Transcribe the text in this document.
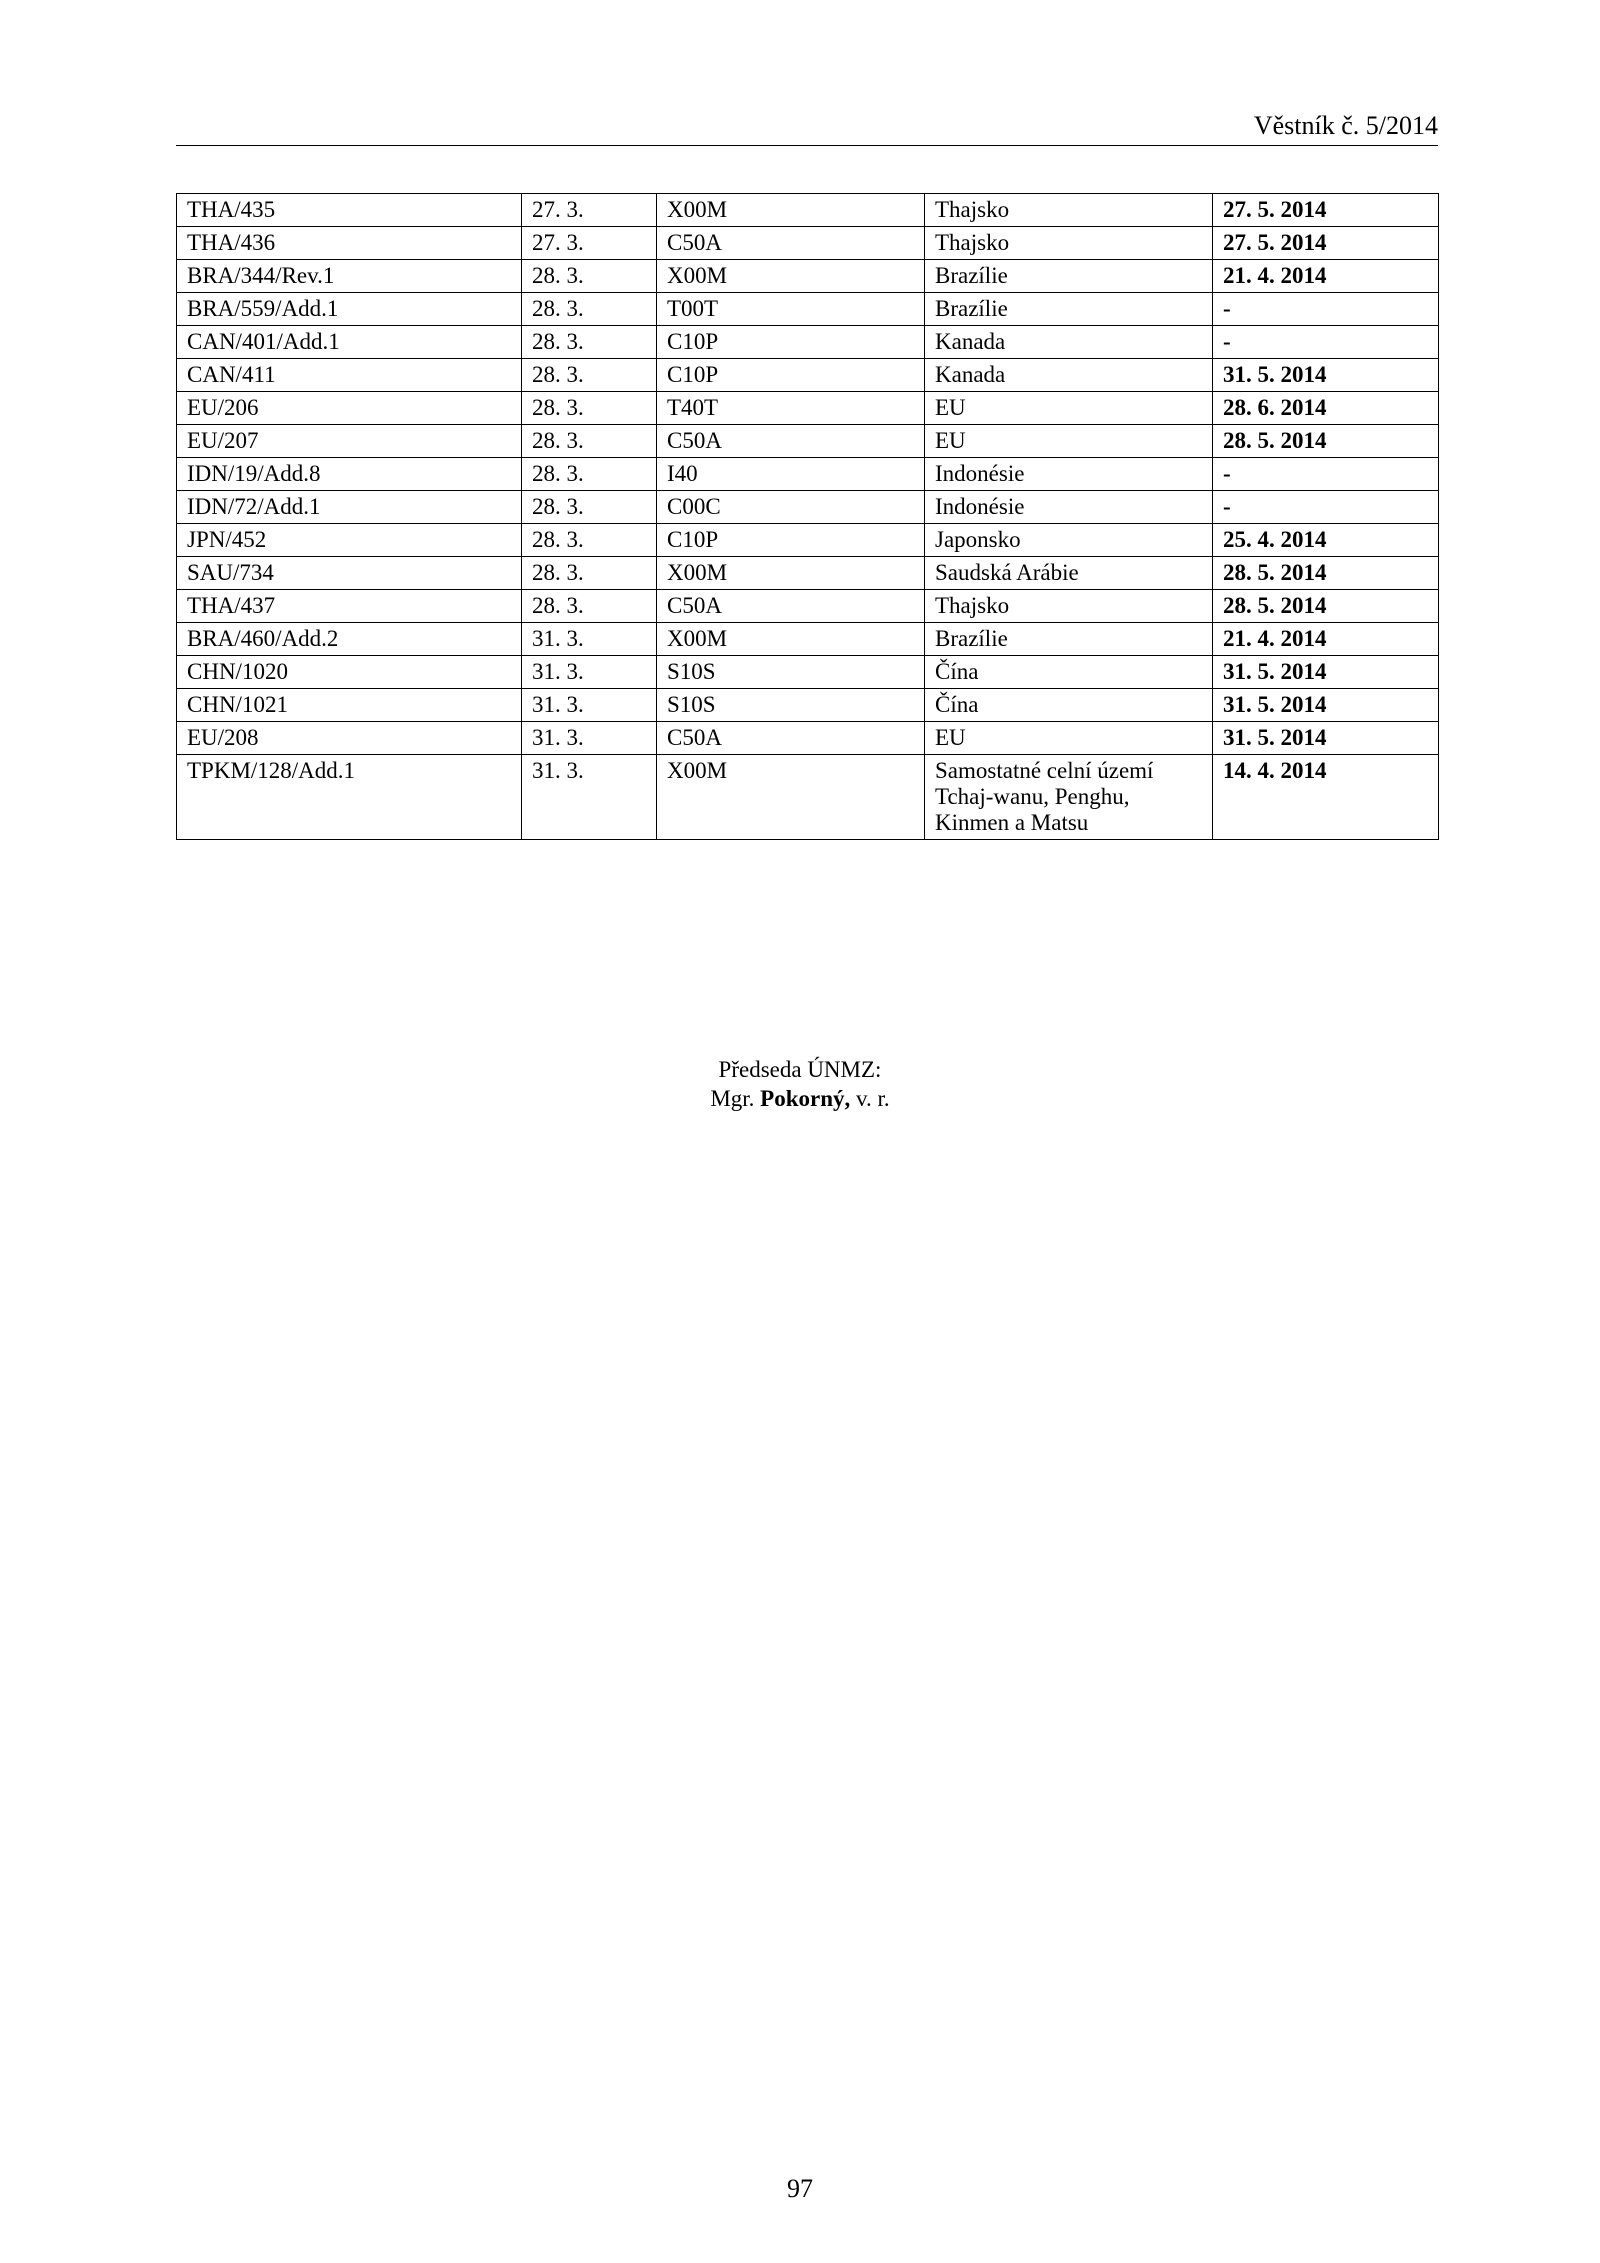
Věstník č. 5/2014
THA/435	27. 3.	X00M	Thajsko	27. 5. 2014
THA/436	27. 3.	C50A	Thajsko	27. 5. 2014
BRA/344/Rev.1	28. 3.	X00M	Brazílie	21. 4. 2014
BRA/559/Add.1	28. 3.	T00T	Brazílie	-
CAN/401/Add.1	28. 3.	C10P	Kanada	-
CAN/411	28. 3.	C10P	Kanada	31. 5. 2014
EU/206	28. 3.	T40T	EU	28. 6. 2014
EU/207	28. 3.	C50A	EU	28. 5. 2014
IDN/19/Add.8	28. 3.	I40	Indonésie	-
IDN/72/Add.1	28. 3.	C00C	Indonésie	-
JPN/452	28. 3.	C10P	Japonsko	25. 4. 2014
SAU/734	28. 3.	X00M	Saudská Arábie	28. 5. 2014
THA/437	28. 3.	C50A	Thajsko	28. 5. 2014
BRA/460/Add.2	31. 3.	X00M	Brazílie	21. 4. 2014
CHN/1020	31. 3.	S10S	Čína	31. 5. 2014
CHN/1021	31. 3.	S10S	Čína	31. 5. 2014
EU/208	31. 3.	C50A	EU	31. 5. 2014
TPKM/128/Add.1	31. 3.	X00M	Samostatné celní území
Tchaj-wanu, Penghu,
Kinmen a Matsu	14. 4. 2014
Předseda ÚNMZ:
Mgr. Pokorný, v. r.
97
